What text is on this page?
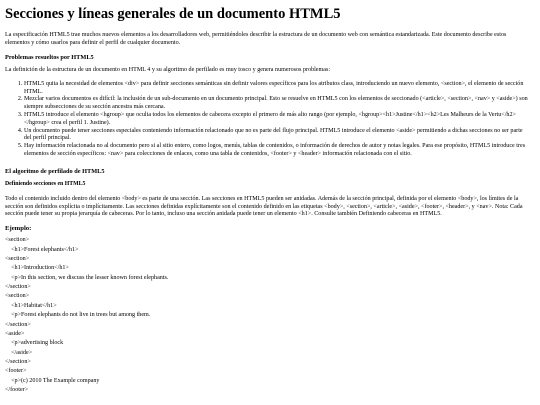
Secciones y líneas generales de un documento HTML5

La especificación HTML5 trae muchos nuevos elementos a los desarrolladores web, permitiéndoles describir la estructura de un documento web con semántica estandarizada. Este documento describe estos elementos y cómo usarlos para definir el perfil de cualquier documento.

Problemas resueltos por HTML5

La definición de la estructura de un documento en HTML 4 y su algoritmo de perfilado es muy tosco y genera numerosos problemas:

1. HTML5 quita la necesidad de elementos <div> para definir secciones semánticas sin definir valores específicos para los atributos class, introduciendo un nuevo elemento, <section>, el elemento de sección HTML.
2. Mezclar varios documentos es difícil: la inclusión de un sub-documento en un documento principal. Esto se resuelve en HTML5 con los elementos de seccionado (<article>, <section>, <nav> y <aside>) son siempre subsecciones de su sección ancestra más cercana.
3. HTML5 introduce el elemento <hgroup> que oculta todos los elementos de cabecera excepto el primero de más alto rango (por ejemplo, <hgroup><h1>Justine</h1><h2>Les Malheurs de la Vertu</h2></hgroup> crea el perfil 1. Justine).
4. Un documento puede tener secciones especiales conteniendo información relacionado que no es parte del flujo principal. HTML5 introduce el elemento <aside> permitiendo a dichas secciones no ser parte del perfil principal.
5. Hay información relacionada no al documento pero si al sitio entero, como logos, menús, tablas de contenidos, o información de derechos de autor y notas legales. Para ese propósito, HTML5 introduce tres elementos de sección específicos: <nav> para colecciones de enlaces, como una tabla de contenidos, <footer> y <header> información relacionada con el sitio.
El algoritmo de perfilado de HTML5
Definiendo secciones en HTML5

Todo el contenido incluido dentro del elemento <body> es parte de una sección. Las secciones en HTML5 pueden ser anidadas. Además de la sección principal, definida por el elemento <body>, los límites de la sección son definidos explícita o implícitamente. Las secciones definidas explícitamente son el contenido definido en las etiquetas <body>, <section>, <article>, <aside>, <footer>, <header>, y <nav>. Nota: Cada sección puede tener su propia jerarquía de cabeceras. Por lo tanto, incluso una sección anidada puede tener un elemento <h1>. Consulte también Definiendo cabeceras en HTML5.

Ejemplo:
<section>
<h1>Forest elephants</h1>
<section>
<h1>Introduction</h1>
<p>In this section, we discuss the lesser known forest elephants.
</section>
<section>
<h1>Habitat</h1>
<p>Forest elephants do not live in trees but among them.
</section>
<aside>
<p>advertising block
</aside>
</section>
<footer>
<p>(c) 2010 The Example company
</footer>
